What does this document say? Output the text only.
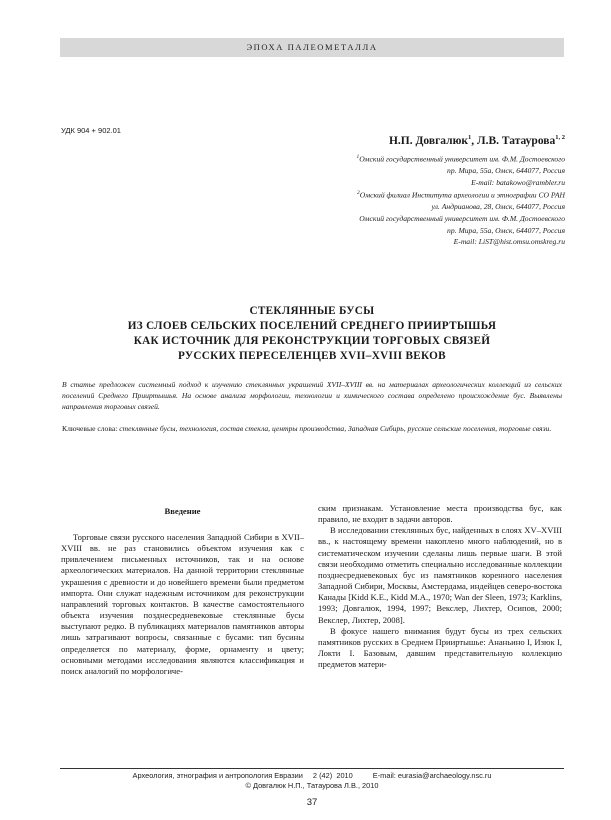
ЭПОХА ПАЛЕОМЕТАЛЛА
УДК 904 + 902.01
Н.П. Довгалюк$^1$, Л.В. Татаурова$^{1, 2}$
$^1$Омский государственный университет им. Ф.М. Достоевского
пр. Мира, 55а, Омск, 644077, Россия
E-mail: batakowo@rambler.ru
$^2$Омский филиал Института археологии и этнографии СО РАН
ул. Андрианова, 28, Омск, 644077, Россия
Омский государственный университет им. Ф.М. Достоевского
пр. Мира, 55а, Омск, 644077, Россия
E-mail: LiST@hist.omsu.omskreg.ru
СТЕКЛЯННЫЕ БУСЫ
ИЗ СЛОЕВ СЕЛЬСКИХ ПОСЕЛЕНИЙ СРЕДНЕГО ПРИИРТЫШЬЯ
КАК ИСТОЧНИК ДЛЯ РЕКОНСТРУКЦИИ ТОРГОВЫХ СВЯЗЕЙ
РУССКИХ ПЕРЕСЕЛЕНЦЕВ XVII–XVIII ВЕКОВ
В статье предложен системный подход к изучению стеклянных украшений XVII–XVIII вв. на материалах археологических коллекций из сельских поселений Среднего Прииртышья. На основе анализа морфологии, технологии и химического состава определено происхождение бус. Выявлены направления торговых связей.
Ключевые слова: стеклянные бусы, технология, состав стекла, центры производства, Западная Сибирь, русские сельские поселения, торговые связи.
Введение

Торговые связи русского населения Западной Сибири в XVII–XVIII вв. не раз становились объектом изучения как с привлечением письменных источников, так и на основе археологических материалов. На данной территории стеклянные украшения с древности и до новейшего времени были предметом импорта. Они служат надежным источником для реконструкции направлений торговых контактов. В качестве самостоятельного объекта изучения позднесредневековые стеклянные бусы выступают редко. В публикациях материалов памятников авторы лишь затрагивают вопросы, связанные с бусами: тип бусины определяется по материалу, форме, орнаменту и цвету; основными методами исследования являются классификация и поиск аналогий по морфологиче-

ским признакам. Установление места производства бус, как правило, не входит в задачи авторов.

В исследовании стеклянных бус, найденных в слоях XV–XVIII вв., к настоящему времени накоплено много наблюдений, но в систематическом изучении сделаны лишь первые шаги. В этой связи необходимо отметить специально исследованные коллекции позднесредневековых бус из памятников коренного населения Западной Сибири, Москвы, Амстердама, индейцев северо-востока Канады [Kidd K.E., Kidd M.A., 1970; Wan der Sleen, 1973; Karklins, 1993; Довгалюк, 1994, 1997; Векслер, Лихтер, Осипов, 2000; Векслер, Лихтер, 2008].

В фокусе нашего внимания будут бусы из трех сельских памятников русских в Среднем Прииртышье: Ананьино I, Изюк I, Локти I. Базовым, давшим представительную коллекцию предметов матери-

Археология, этнография и антропология Евразии 2 (42) 2010	E-mail: eurasia@archaeology.nsc.ru
© Довгалюк Н.П., Татаурова Л.В., 2010
37
